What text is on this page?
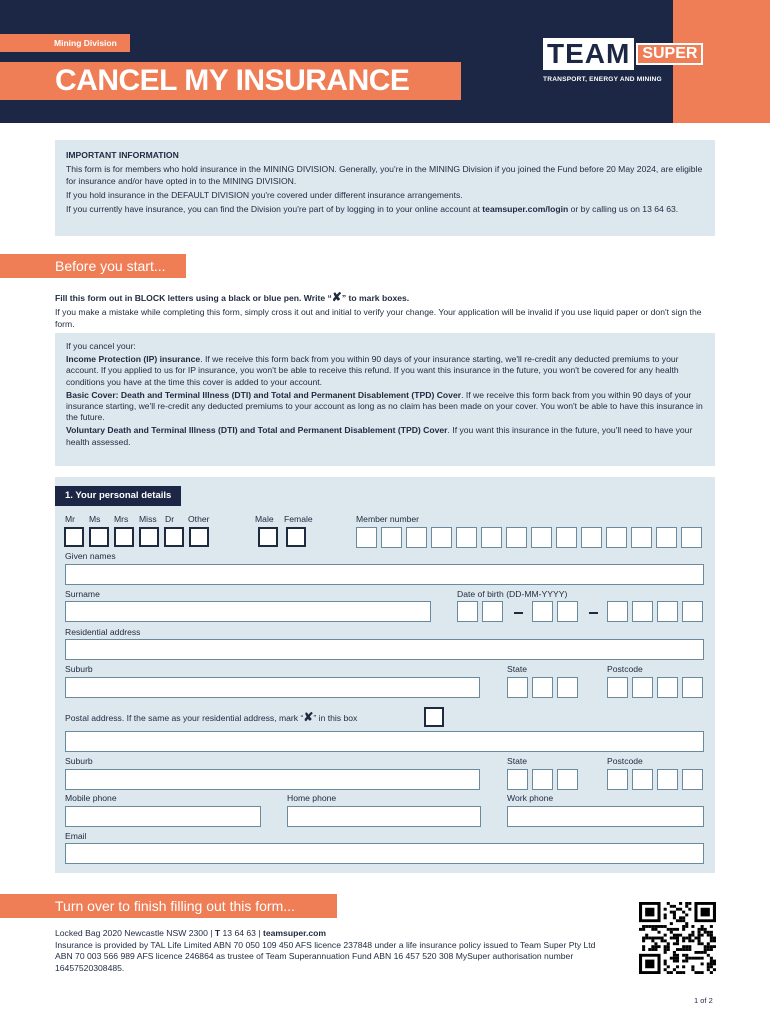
Mining Division
CANCEL MY INSURANCE
TEAM SUPER
TRANSPORT, ENERGY AND MINING

IMPORTANT INFORMATION

This form is for members who hold insurance in the MINING DIVISION. Generally, you're in the MINING Division if you joined the Fund before 20 May 2024, are eligible for insurance and/or have opted in to the MINING DIVISION.

If you hold insurance in the DEFAULT DIVISION you're covered under different insurance arrangements.

If you currently have insurance, you can find the Division you're part of by logging in to your online account at teamsuper.com/login or by calling us on 13 64 63.

Before you start...
Fill this form out in BLOCK letters using a black or blue pen. Write “✘” to mark boxes.
If you make a mistake while completing this form, simply cross it out and initial to verify your change. Your application will be invalid if you use liquid paper or don't sign the form.

If you cancel your:

Income Protection (IP) insurance. If we receive this form back from you within 90 days of your insurance starting, we'll re-credit any deducted premiums to your account. If you applied to us for IP insurance, you won't be able to receive this refund. If you want this insurance in the future, you won't be covered for any health conditions you have at the time this cover is added to your account.

Basic Cover: Death and Terminal Illness (DTI) and Total and Permanent Disablement (TPD) Cover. If we receive this form back from you within 90 days of your insurance starting, we'll re-credit any deducted premiums to your account as long as no claim has been made on your cover. You won't be able to have this insurance in the future.

Voluntary Death and Terminal Illness (DTI) and Total and Permanent Disablement (TPD) Cover. If you want this insurance in the future, you'll need to have your health assessed.

Mr Ms Mrs Miss Dr Other	Male Female	Member number
Given names
Surname	Date of birth (DD-MM-YYYY)
Residential address
Suburb	State	Postcode
Postal address. If the same as your residential address, mark “✘” in this box
Suburb	State	Postcode
Mobile phone	Home phone	Work phone
Email
1. Your personal details
Turn over to finish filling out this form...
Locked Bag 2020 Newcastle NSW 2300 | T 13 64 63 | teamsuper.com
Insurance is provided by TAL Life Limited ABN 70 050 109 450 AFS licence 237848 under a life insurance policy issued to Team Super Pty Ltd ABN 70 003 566 989 AFS licence 246864 as trustee of Team Superannuation Fund ABN 16 457 520 308 MySuper authorisation number 16457520308485.
1 of 2
